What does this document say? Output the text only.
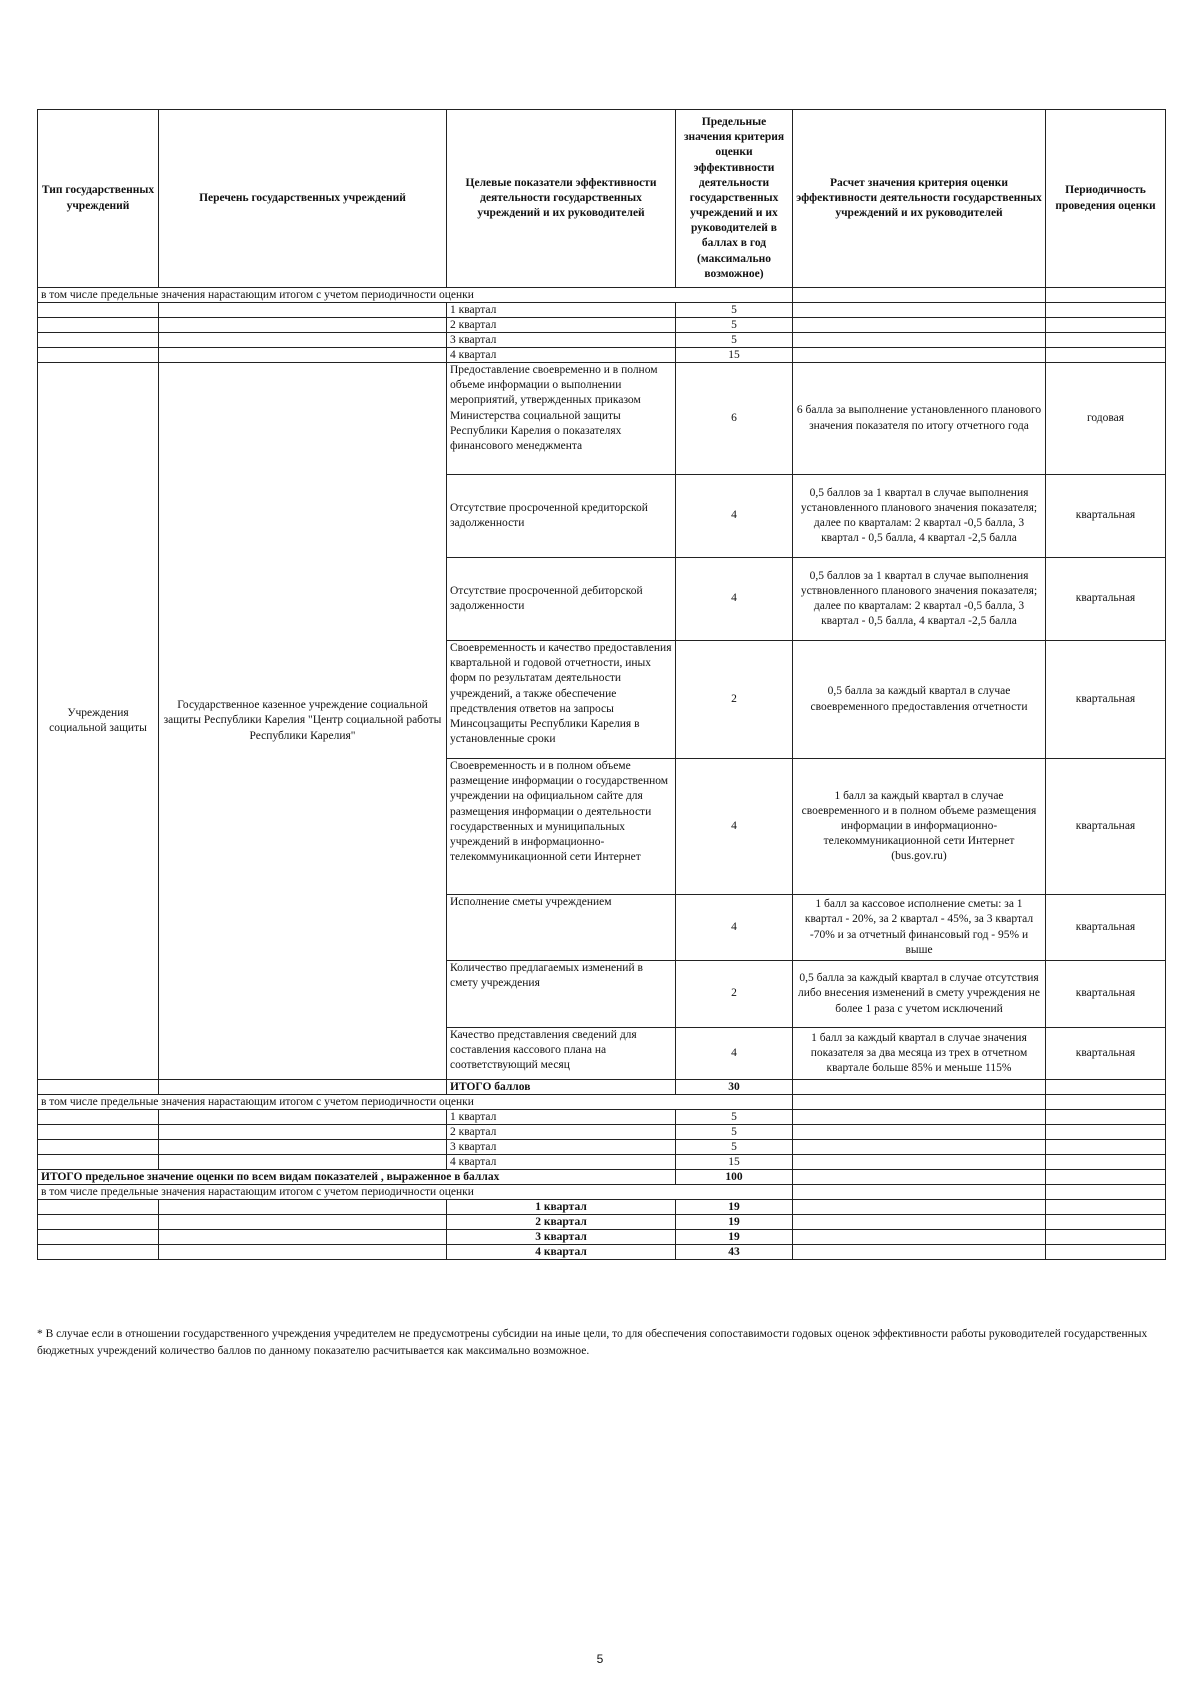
Тип государственных учреждений	Перечень государственных учреждений	Целевые показатели эффективности деятельности государственных учреждений и их руководителей	Предельные значения критерия оценки эффективности деятельности государственных учреждений и их руководителей в баллах в год (максимально возможное)	Расчет значения критерия оценки эффективности деятельности государственных учреждений и их руководителей	Периодичность проведения оценки
в том числе предельные значения нарастающим итогом с учетом периодичности оценки					
		1 квартал	5		
		2 квартал	5		
		3 квартал	5		
		4 квартал	15		
Учреждения социальной защиты	Государственное казенное учреждение социальной защиты Республики Карелия "Центр социальной работы Республики Карелия"	Предоставление своевременно и в полном объеме информации о выполнении мероприятий, утвержденных приказом Министерства социальной защиты Республики Карелия о показателях финансового менеджмента	6	6 балла за выполнение установленного планового значения показателя по итогу отчетного года	годовая
		Отсутствие просроченной кредиторской задолженности	4	0,5 баллов за 1 квартал в случае выполнения установленного планового значения показателя; далее по кварталам: 2 квартал -0,5 балла, 3 квартал - 0,5 балла, 4 квартал -2,5 балла	квартальная
		Отсутствие просроченной дебиторской задолженности	4	0,5 баллов за 1 квартал в случае выполнения уствновленного планового значения показателя; далее по кварталам: 2 квартал -0,5 балла, 3 квартал - 0,5 балла, 4 квартал -2,5 балла	квартальная
		Своевременность и качество предоставления квартальной и годовой отчетности, иных форм по результатам деятельности учреждений, а также обеспечение предствления ответов на запросы Минсоцзащиты Республики Карелия в установленные сроки	2	0,5 балла за каждый квартал в случае своевременного предоставления отчетности	квартальная
		Своевременность и в полном объеме размещение информации о государственном учреждении на официальном сайте для размещения информации о деятельности государственных и муниципальных учреждений в информационно-телекоммуникационной сети Интернет	4	1 балл за каждый квартал в случае своевременного и в полном объеме размещения информации в информационно-телекоммуникационной сети Интернет (bus.gov.ru)	квартальная
		Исполнение сметы учреждением	4	1 балл за кассовое исполнение сметы: за 1 квартал - 20%, за 2 квартал - 45%, за 3 квартал -70% и за отчетный финансовый год - 95% и выше	квартальная
		Количество предлагаемых изменений в смету учреждения	2	0,5 балла за каждый квартал в случае отсутствия либо внесения изменений в смету учреждения не более 1 раза с учетом исключений	квартальная
		Качество представления сведений для составления кассового плана на соответствующий месяц	4	1 балл за каждый квартал в случае значения показателя за два месяца из трех в отчетном квартале больше 85% и меньше 115%	квартальная
		ИТОГО баллов	30		
в том числе предельные значения нарастающим итогом с учетом периодичности оценки					
		1 квартал	5		
		2 квартал	5		
		3 квартал	5		
		4 квартал	15		
ИТОГО предельное значение оценки по всем видам показателей , выраженное в баллах			100		
в том числе предельные значения нарастающим итогом с учетом периодичности оценки					
		1 квартал	19		
		2 квартал	19		
		3 квартал	19		
		4 квартал	43		
* В случае если в отношении государственного учреждения учредителем не предусмотрены субсидии на иные цели, то для обеспечения сопоставимости годовых оценок эффективности работы руководителей государственных бюджетных учреждений количество баллов по данному показателю расчитывается как максимально возможное.
5
